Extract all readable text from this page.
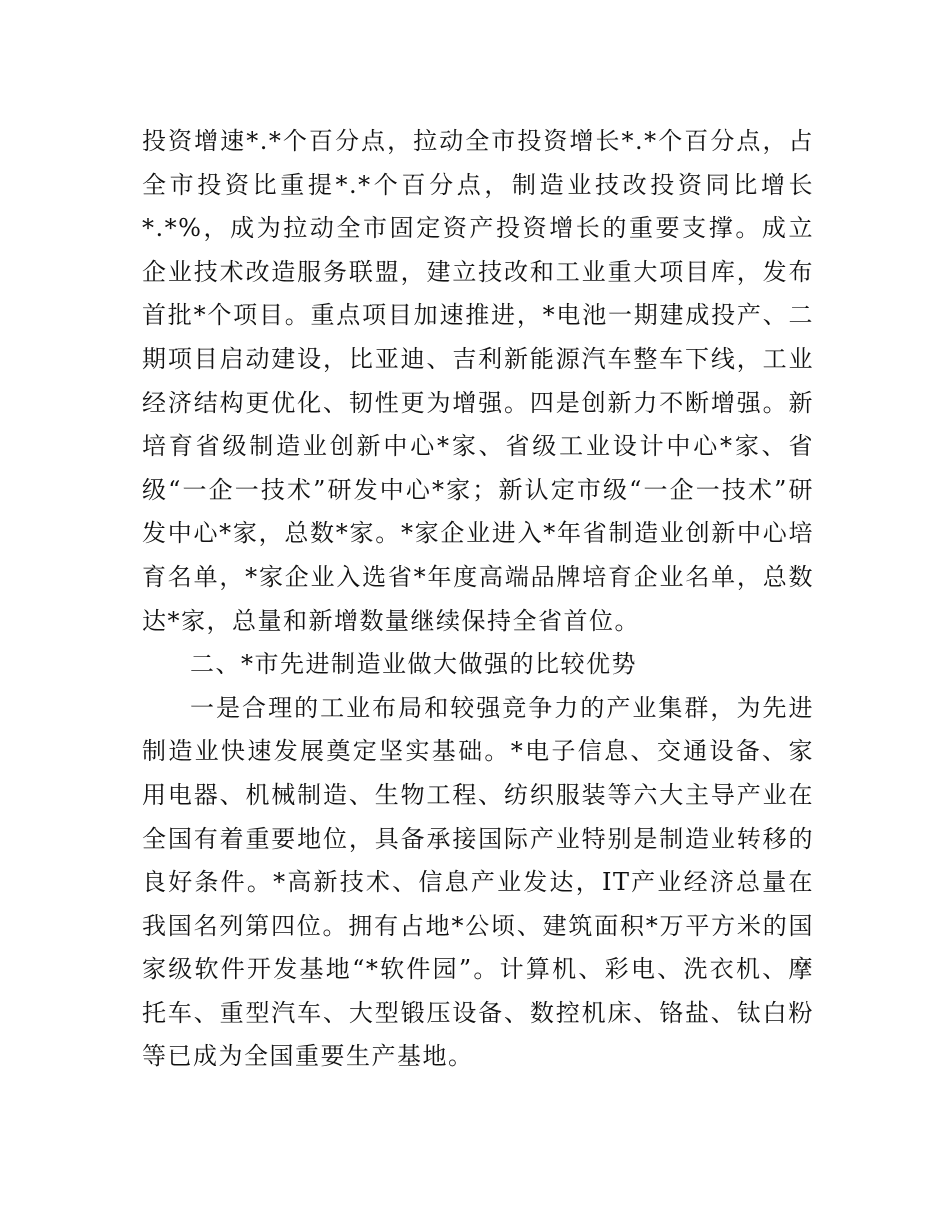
投资增速*.*个百分点，拉动全市投资增长*.*个百分点，占全市投资比重提*.*个百分点，制造业技改投资同比增长*.*%，成为拉动全市固定资产投资增长的重要支撑。成立企业技术改造服务联盟，建立技改和工业重大项目库，发布首批*个项目。重点项目加速推进，*电池一期建成投产、二期项目启动建设，比亚迪、吉利新能源汽车整车下线，工业经济结构更优化、韧性更为增强。四是创新力不断增强。新培育省级制造业创新中心*家、省级工业设计中心*家、省级“一企一技术”研发中心*家；新认定市级“一企一技术”研发中心*家，总数*家。*家企业进入*年省制造业创新中心培育名单，*家企业入选省*年度高端品牌培育企业名单，总数达*家，总量和新增数量继续保持全省首位。

二、*市先进制造业做大做强的比较优势

一是合理的工业布局和较强竞争力的产业集群，为先进制造业快速发展奠定坚实基础。*电子信息、交通设备、家用电器、机械制造、生物工程、纺织服装等六大主导产业在全国有着重要地位，具备承接国际产业特别是制造业转移的良好条件。*高新技术、信息产业发达，IT产业经济总量在我国名列第四位。拥有占地*公顷、建筑面积*万平方米的国家级软件开发基地“*软件园”。计算机、彩电、洗衣机、摩托车、重型汽车、大型锻压设备、数控机床、铬盐、钛白粉等已成为全国重要生产基地。
